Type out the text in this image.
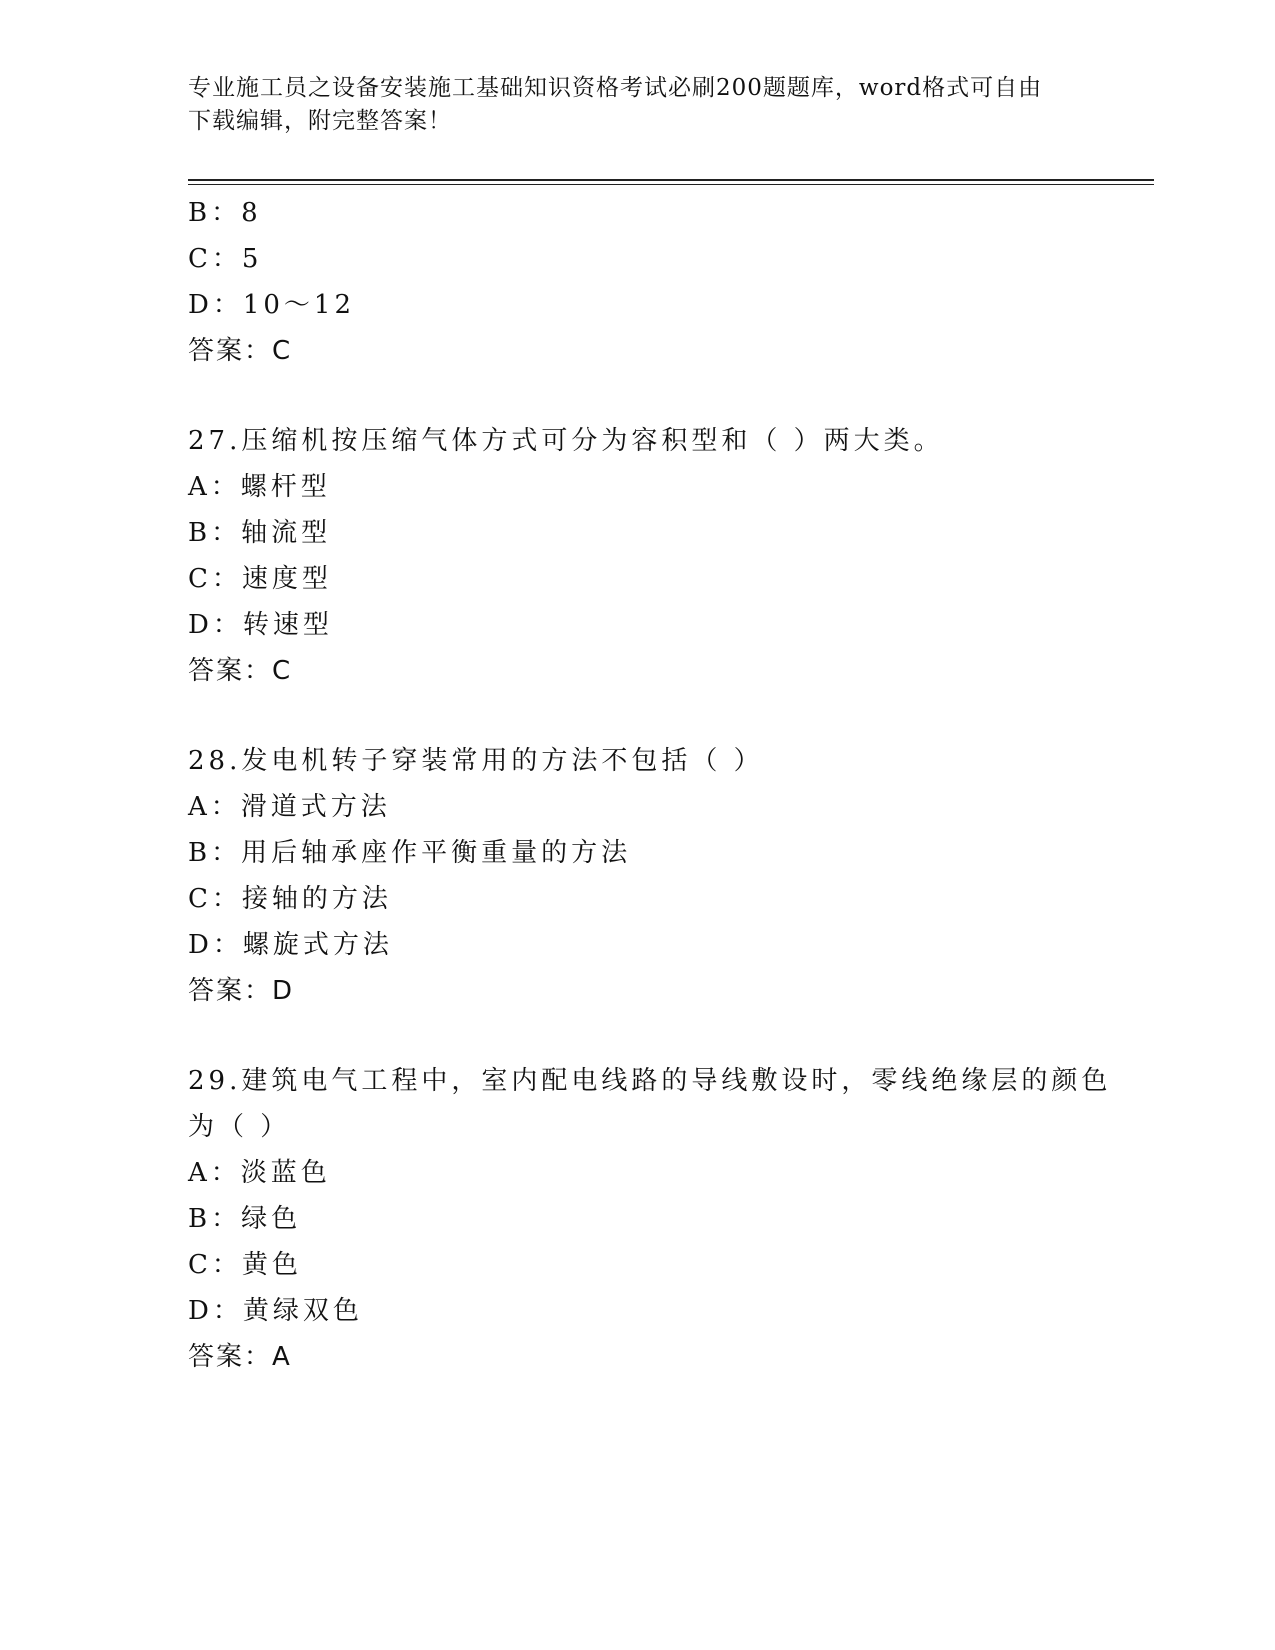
专业施工员之设备安装施工基础知识资格考试必刷200题题库，word格式可自由
下载编辑，附完整答案！
B：8
C：5
D：10～12
答案：C
27.压缩机按压缩气体方式可分为容积型和（ ）两大类。
A：螺杆型
B：轴流型
C：速度型
D：转速型
答案：C
28.发电机转子穿装常用的方法不包括（ ）
A：滑道式方法
B：用后轴承座作平衡重量的方法
C：接轴的方法
D：螺旋式方法
答案：D
29.建筑电气工程中，室内配电线路的导线敷设时，零线绝缘层的颜色
为（ ）
A：淡蓝色
B：绿色
C：黄色
D：黄绿双色
答案：A
